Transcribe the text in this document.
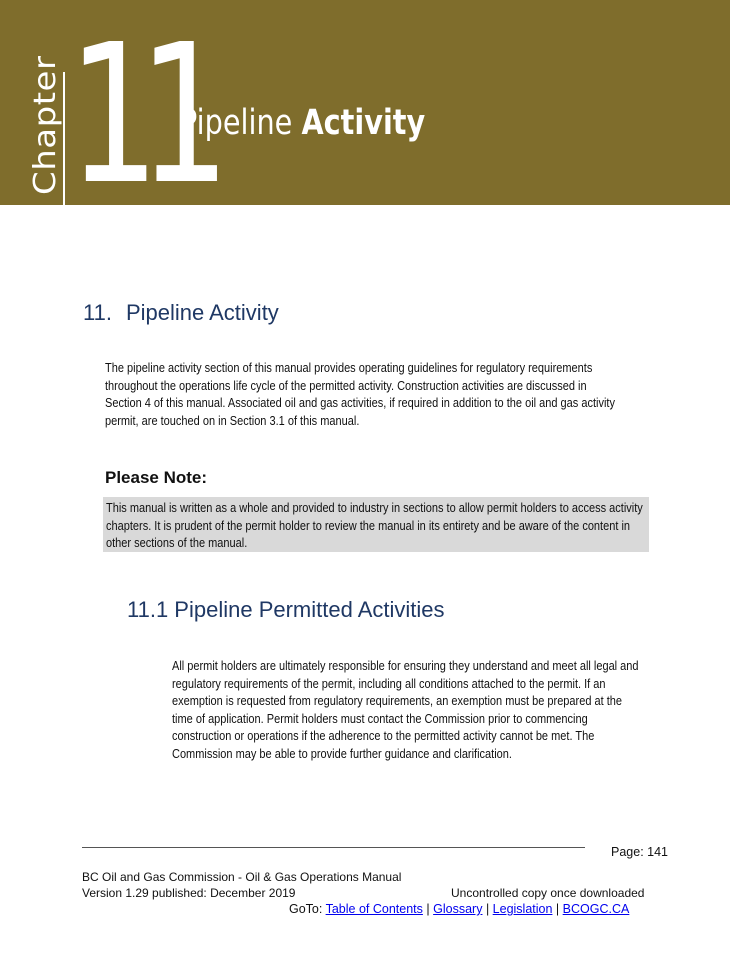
Chapter 11
Pipeline Activity
11. Pipeline Activity

The pipeline activity section of this manual provides operating guidelines for regulatory requirements throughout the operations life cycle of the permitted activity. Construction activities are discussed in Section 4 of this manual. Associated oil and gas activities, if required in addition to the oil and gas activity permit, are touched on in Section 3.1 of this manual.

Please Note:

This manual is written as a whole and provided to industry in sections to allow permit holders to access activity chapters. It is prudent of the permit holder to review the manual in its entirety and be aware of the content in other sections of the manual.

11.1 Pipeline Permitted Activities

All permit holders are ultimately responsible for ensuring they understand and meet all legal and regulatory requirements of the permit, including all conditions attached to the permit. If an exemption is requested from regulatory requirements, an exemption must be prepared at the time of application. Permit holders must contact the Commission prior to commencing construction or operations if the adherence to the permitted activity cannot be met. The Commission may be able to provide further guidance and clarification.

Page: 141
BC Oil and Gas Commission - Oil & Gas Operations Manual
Version 1.29 published: December 2019	Uncontrolled copy once downloaded
GoTo: Table of Contents | Glossary | Legislation | BCOGC.CA
